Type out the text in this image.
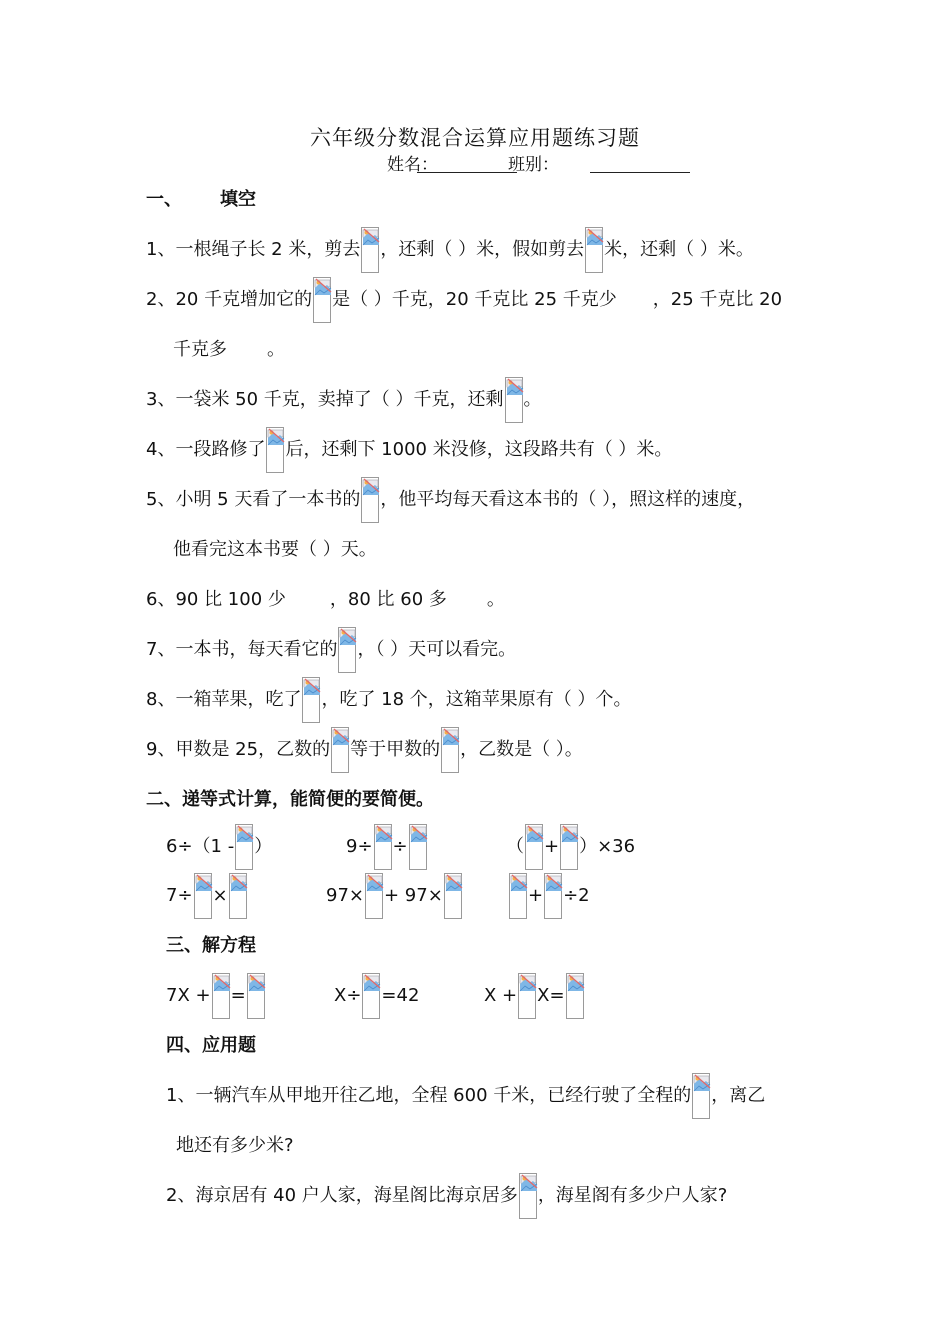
六年级分数混合运算应用题练习题
姓名：	班别：
一、 填空
1、一根绳子长 2 米，剪去 ，还剩（ ）米，假如剪去 米，还剩（ ）米。
2、20 千克增加它的 是（ ）千克，20 千克比 25 千克少 ，25 千克比 20
千克多 。
3、一袋米 50 千克，卖掉了（ ）千克，还剩 。
4、一段路修了 后，还剩下 1000 米没修，这段路共有（ ）米。
5、小明 5 天看了一本书的 ，他平均每天看这本书的（ ），照这样的速度，
他看完这本书要（ ）天。
6、90 比 100 少 ，80 比 60 多 。
7、一本书，每天看它的 ，（ ）天可以看完。
8、一箱苹果，吃了 ，吃了 18 个，这箱苹果原有（ ）个。
9、甲数是 25，乙数的 等于甲数的 ，乙数是（ ）。
二、递等式计算，能简便的要简便。
6÷（1 - ）	9÷ ÷	（ + ）×36
7÷ ×	97× + 97×	+ ÷2
三、解方程
7X + =	X÷ =42	X + X=
四、应用题
1、一辆汽车从甲地开往乙地，全程 600 千米，已经行驶了全程的 ，离乙
地还有多少米?
2、海京居有 40 户人家，海星阁比海京居多 ，海星阁有多少户人家?
